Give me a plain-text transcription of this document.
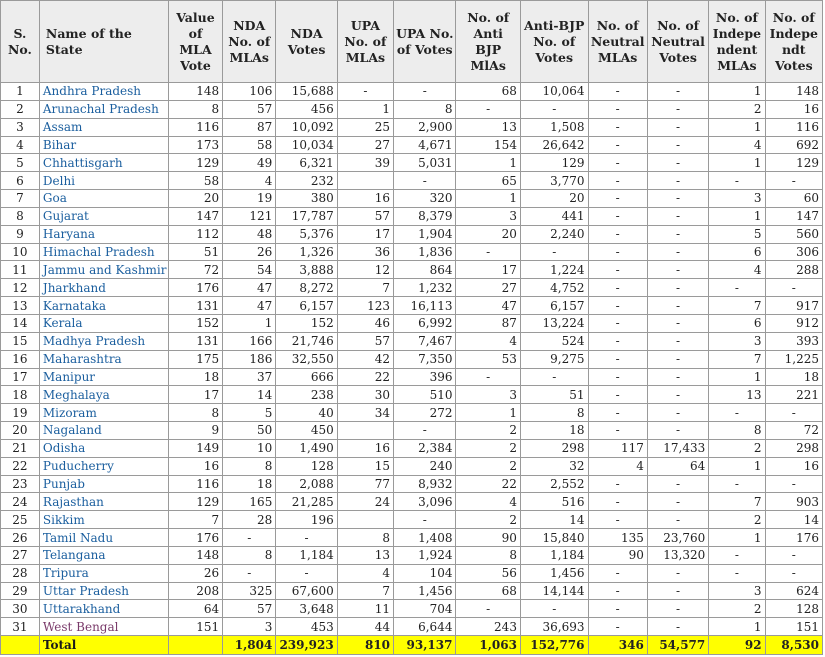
S. No.	Name of the State	Value of MLA Vote	NDA No. of MLAs	NDA Votes	UPA No. of MLAs	UPA No. of Votes	No. of Anti BJP MlAs	Anti-BJP No. of Votes	No. of Neutral MLAs	No. of Neutral Votes	No. of Indepe ndent MLAs	No. of Indepe ndt Votes
1	Andhra Pradesh	148	106	15,688	-	-	68	10,064	-	-	1	148
2	Arunachal Pradesh	8	57	456	1	8	-	-	-	-	2	16
3	Assam	116	87	10,092	25	2,900	13	1,508	-	-	1	116
4	Bihar	173	58	10,034	27	4,671	154	26,642	-	-	4	692
5	Chhattisgarh	129	49	6,321	39	5,031	1	129	-	-	1	129
6	Delhi	58	4	232		-	65	3,770	-	-	-	-
7	Goa	20	19	380	16	320	1	20	-	-	3	60
8	Gujarat	147	121	17,787	57	8,379	3	441	-	-	1	147
9	Haryana	112	48	5,376	17	1,904	20	2,240	-	-	5	560
10	Himachal Pradesh	51	26	1,326	36	1,836	-	-	-	-	6	306
11	Jammu and Kashmir	72	54	3,888	12	864	17	1,224	-	-	4	288
12	Jharkhand	176	47	8,272	7	1,232	27	4,752	-	-	-	-
13	Karnataka	131	47	6,157	123	16,113	47	6,157	-	-	7	917
14	Kerala	152	1	152	46	6,992	87	13,224	-	-	6	912
15	Madhya Pradesh	131	166	21,746	57	7,467	4	524	-	-	3	393
16	Maharashtra	175	186	32,550	42	7,350	53	9,275	-	-	7	1,225
17	Manipur	18	37	666	22	396	-	-	-	-	1	18
18	Meghalaya	17	14	238	30	510	3	51	-	-	13	221
19	Mizoram	8	5	40	34	272	1	8	-	-	-	-
20	Nagaland	9	50	450		-	2	18	-	-	8	72
21	Odisha	149	10	1,490	16	2,384	2	298	117	17,433	2	298
22	Puducherry	16	8	128	15	240	2	32	4	64	1	16
23	Punjab	116	18	2,088	77	8,932	22	2,552	-	-	-	-
24	Rajasthan	129	165	21,285	24	3,096	4	516	-	-	7	903
25	Sikkim	7	28	196		-	2	14	-	-	2	14
26	Tamil Nadu	176	-	-	8	1,408	90	15,840	135	23,760	1	176
27	Telangana	148	8	1,184	13	1,924	8	1,184	90	13,320	-	-
28	Tripura	26	-	-	4	104	56	1,456	-	-	-	-
29	Uttar Pradesh	208	325	67,600	7	1,456	68	14,144	-	-	3	624
30	Uttarakhand	64	57	3,648	11	704	-	-	-	-	2	128
31	West Bengal	151	3	453	44	6,644	243	36,693	-	-	1	151
	Total		1,804	239,923	810	93,137	1,063	152,776	346	54,577	92	8,530
